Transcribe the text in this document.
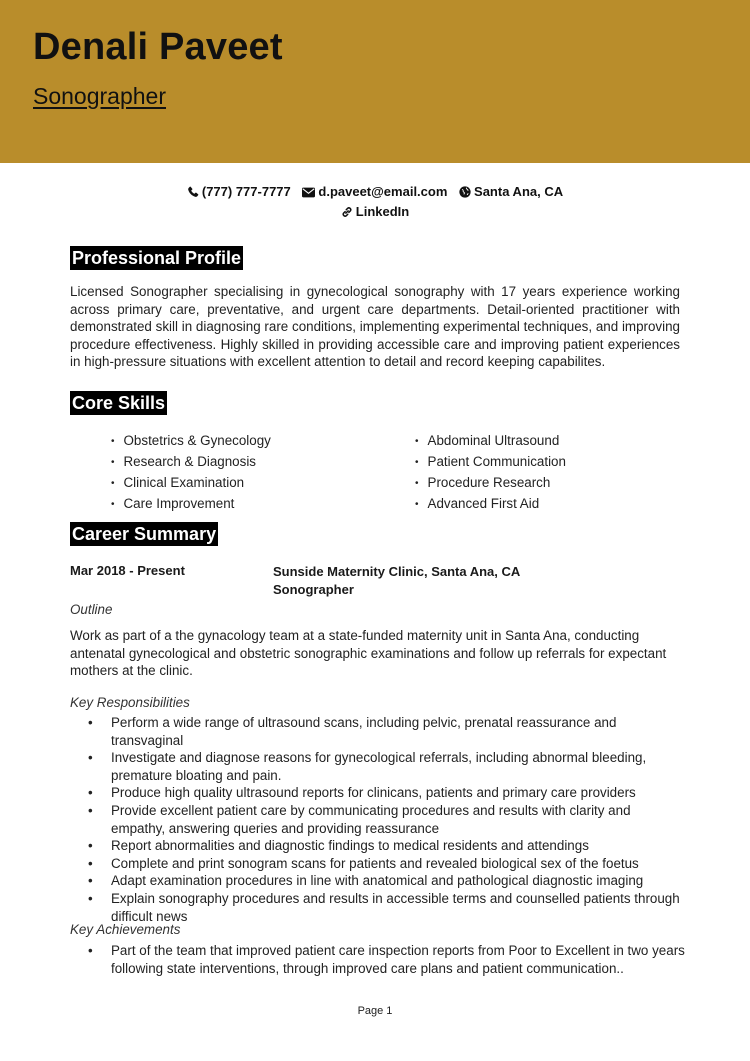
Denali Paveet
Sonographer
(777) 777-7777 d.paveet@email.com Santa Ana, CA
LinkedIn
Professional Profile

Licensed Sonographer specialising in gynecological sonography with 17 years experience working across primary care, preventative, and urgent care departments. Detail-oriented practitioner with demonstrated skill in diagnosing rare conditions, implementing experimental techniques, and improving procedure effectiveness. Highly skilled in providing accessible care and improving patient experiences in high-pressure situations with excellent attention to detail and record keeping capabilites.

Core Skills
• Obstetrics & Gynecology
• Research & Diagnosis
• Clinical Examination
• Care Improvement
• Abdominal Ultrasound
• Patient Communication
• Procedure Research
• Advanced First Aid
Career Summary
Mar 2018 - Present	Sunside Maternity Clinic, Santa Ana, CA
Sonographer
Outline

Work as part of a the gynacology team at a state-funded maternity unit in Santa Ana, conducting antenatal gynecological and obstetric sonographic examinations and follow up referrals for expectant mothers at the clinic.

Key Responsibilities
• Perform a wide range of ultrasound scans, including pelvic, prenatal reassurance and transvaginal
• Investigate and diagnose reasons for gynecological referrals, including abnormal bleeding, premature bloating and pain.
• Produce high quality ultrasound reports for clinicans, patients and primary care providers
• Provide excellent patient care by communicating procedures and results with clarity and empathy, answering queries and providing reassurance
• Report abnormalities and diagnostic findings to medical residents and attendings
• Complete and print sonogram scans for patients and revealed biological sex of the foetus
• Adapt examination procedures in line with anatomical and pathological diagnostic imaging
• Explain sonography procedures and results in accessible terms and counselled patients through difficult news
Key Achievements
• Part of the team that improved patient care inspection reports from Poor to Excellent in two years following state interventions, through improved care plans and patient communication..
Page 1
